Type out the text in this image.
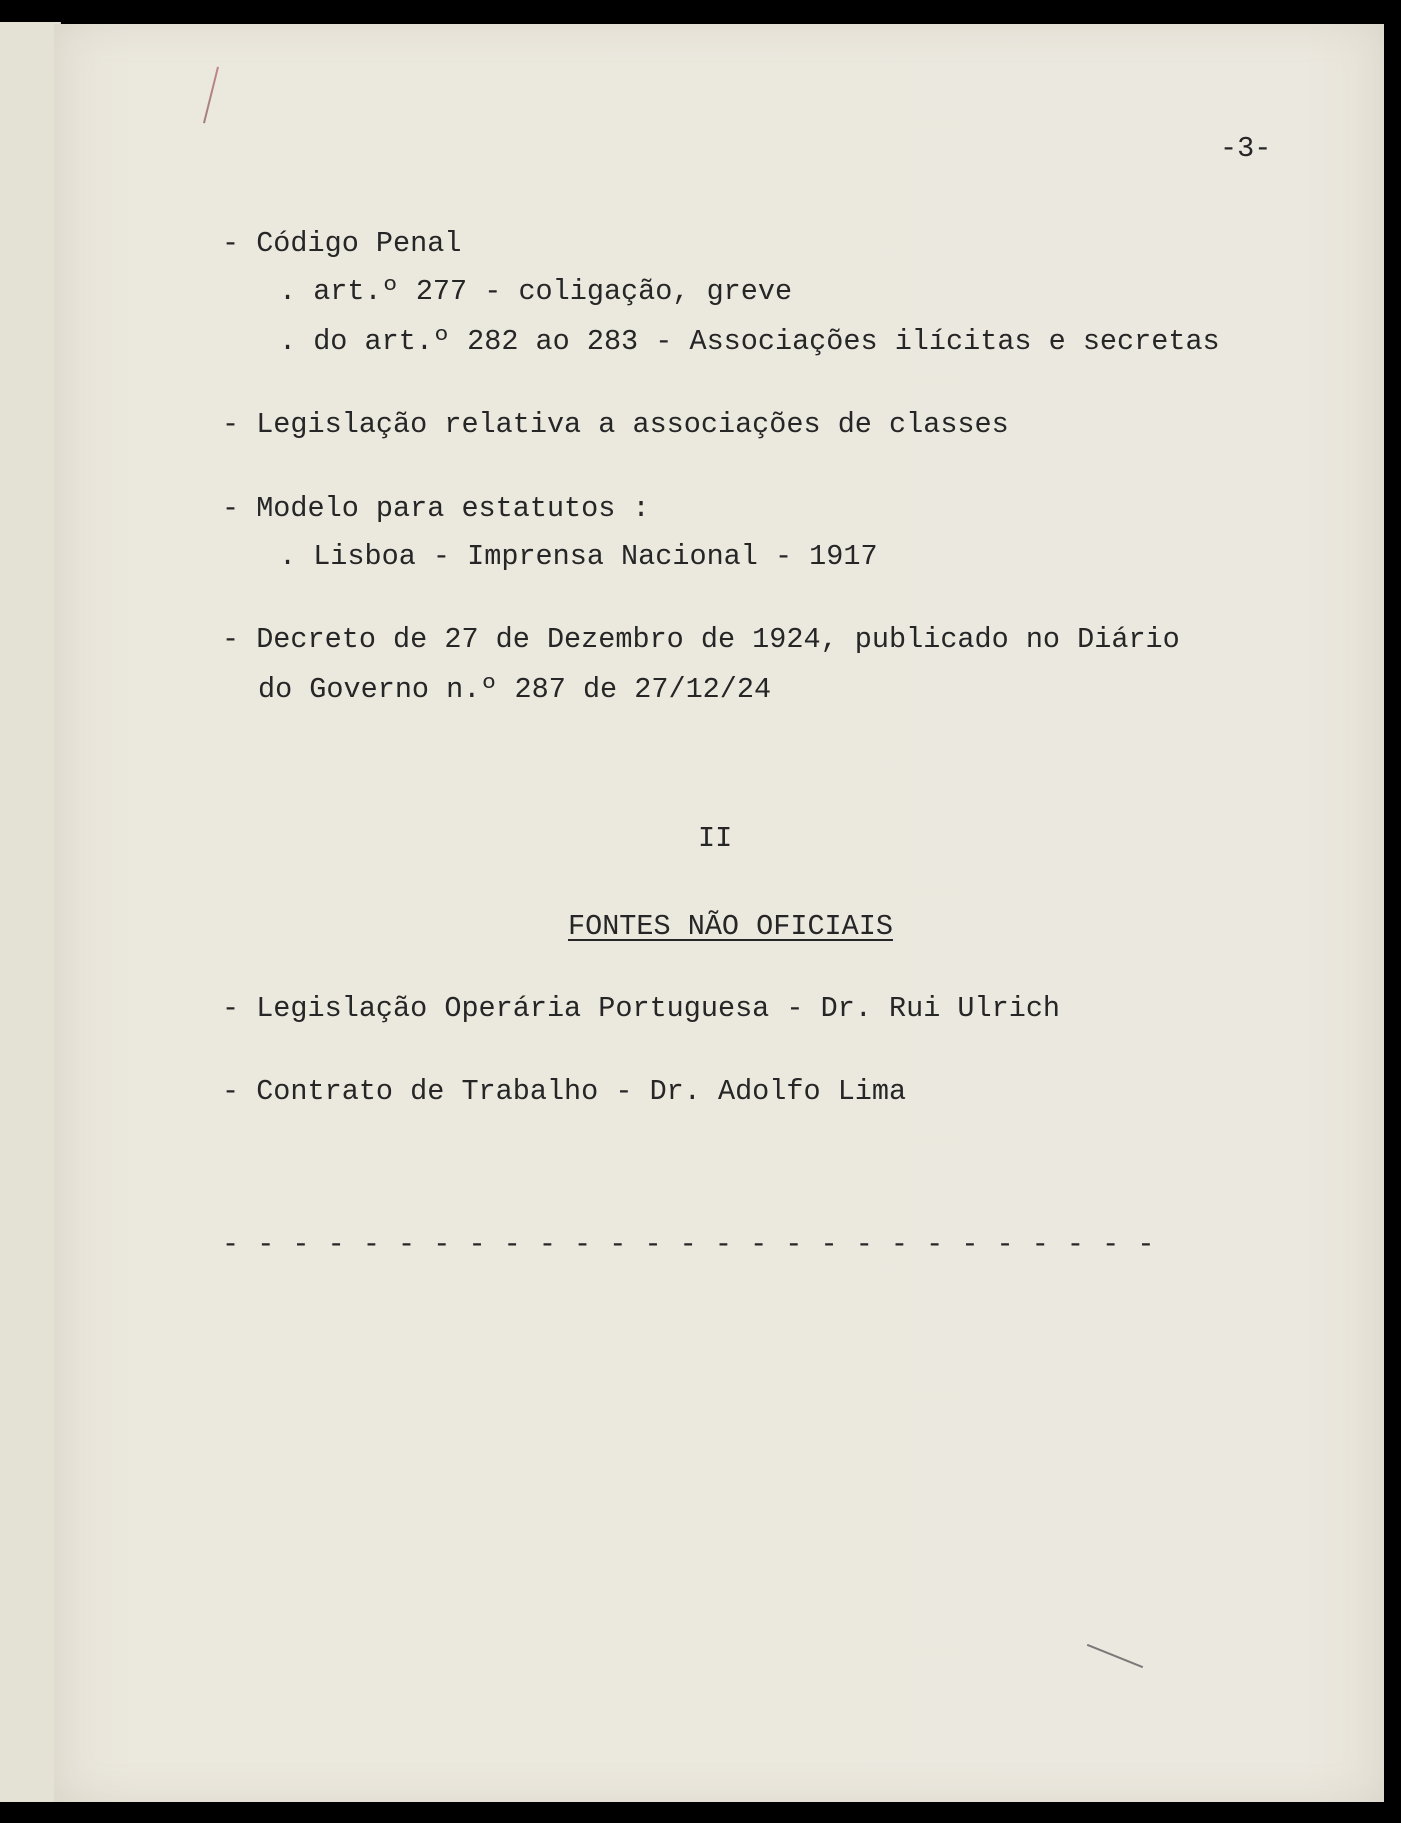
-3-
- Código Penal
. art.º 277 - coligação, greve
. do art.º 282 ao 283 - Associações ilícitas e secretas
- Legislação relativa a associações de classes
- Modelo para estatutos :
. Lisboa - Imprensa Nacional - 1917
- Decreto de 27 de Dezembro de 1924, publicado no Diário
do Governo n.º 287 de 27/12/24
II
FONTES NÃO OFICIAIS
- Legislação Operária Portuguesa - Dr. Rui Ulrich
- Contrato de Trabalho - Dr. Adolfo Lima
- - - - - - - - - - - - - - - - - - - - - - - - - - -
